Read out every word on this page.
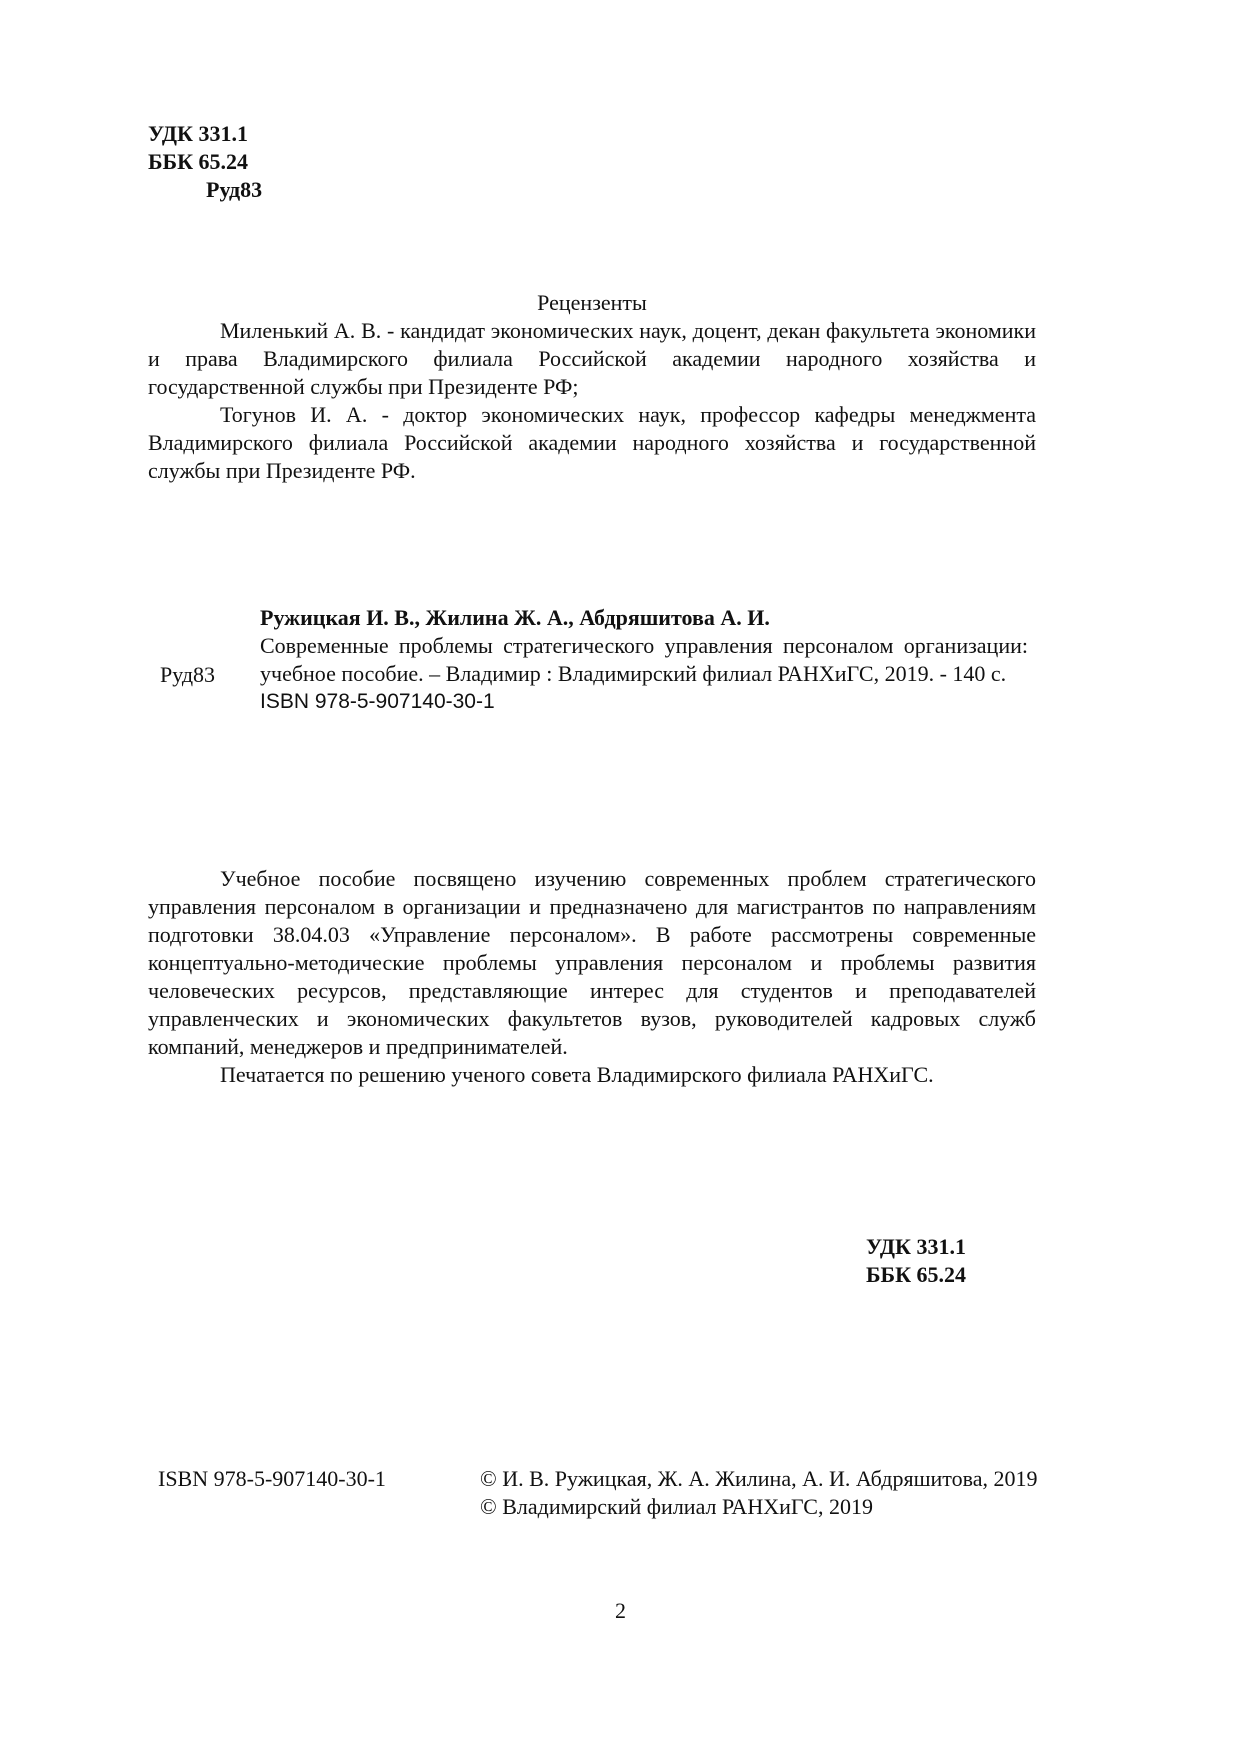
УДК 331.1
ББК 65.24
Руд83
Рецензенты
Миленький А. В. - кандидат экономических наук, доцент, декан факультета экономики и права Владимирского филиала Российской академии народного хозяйства и государственной службы при Президенте РФ;
Тогунов И. А. - доктор экономических наук, профессор кафедры менеджмента Владимирского филиала Российской академии народного хозяйства и государственной службы при Президенте РФ.
Руд83
Ружицкая И. В., Жилина Ж. А., Абдряшитова А. И.
Современные проблемы стратегического управления персоналом организации: учебное пособие. – Владимир : Владимирский филиал РАНХиГС, 2019. - 140 с.
ISBN 978-5-907140-30-1
Учебное пособие посвящено изучению современных проблем стратегического управления персоналом в организации и предназначено для магистрантов по направлениям подготовки 38.04.03 «Управление персоналом». В работе рассмотрены современные концептуально-методические проблемы управления персоналом и проблемы развития человеческих ресурсов, представляющие интерес для студентов и преподавателей управленческих и экономических факультетов вузов, руководителей кадровых служб компаний, менеджеров и предпринимателей.
Печатается по решению ученого совета Владимирского филиала РАНХиГС.
УДК 331.1
ББК 65.24
ISBN 978-5-907140-30-1	© И. В. Ружицкая, Ж. А. Жилина, А. И. Абдряшитова, 2019
© Владимирский филиал РАНХиГС, 2019
2
